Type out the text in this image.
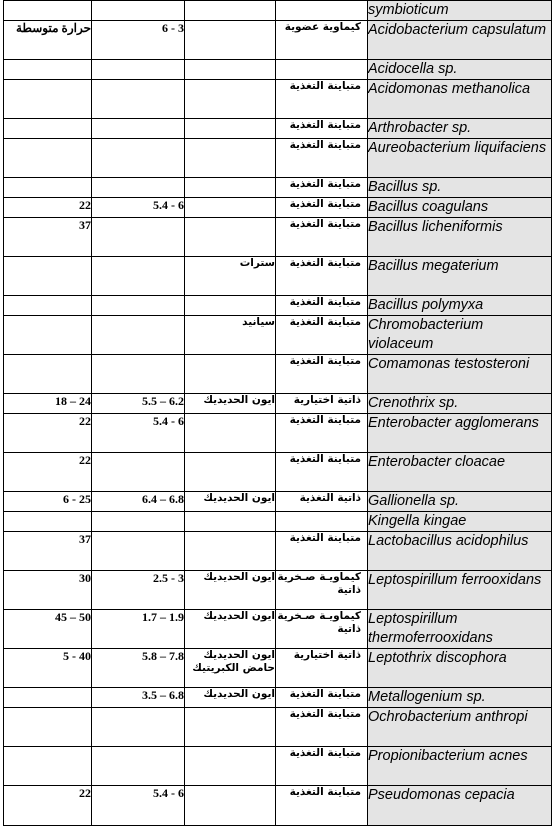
				symbioticum
حرارة متوسطة	3 - 6		كيماوية عضوية	Acidobacterium capsulatum
				Acidocella sp.
			متباينة التغذية	Acidomonas methanolica
			متباينة التغذية	Arthrobacter sp.
			متباينة التغذية	Aureobacterium liquifaciens
			متباينة التغذية	Bacillus sp.
22	6 - 5.4		متباينة التغذية	Bacillus coagulans
37			متباينة التغذية	Bacillus licheniformis
		سترات	متباينة التغذية	Bacillus megaterium
			متباينة التغذية	Bacillus polymyxa
		سيانيد	متباينة التغذية	Chromobacterium violaceum
			متباينة التغذية	Comamonas testosteroni
24 – 18	6.2 – 5.5	ايون الحديديك	ذاتية اختيارية	Crenothrix sp.
22	6 - 5.4		متباينة التغذية	Enterobacter agglomerans
22			متباينة التغذية	Enterobacter cloacae
25 - 6	6.8 – 6.4	ايون الحديديك	ذاتية التغذية	Gallionella sp.
				Kingella kingae
37			متباينة التغذية	Lactobacillus acidophilus
30	3 - 2.5	ايون الحديديك	كيماويـة صـخرية ذاتية	Leptospirillum ferrooxidans
50 – 45	1.9 – 1.7	ايون الحديديك	كيماويـة صـخرية ذاتية	Leptospirillum thermoferrooxidans
40 - 5	7.8 – 5.8	ايون الحديديك حامض الكبريتيك	ذاتية اختيارية	Leptothrix discophora
	6.8 – 3.5	ايون الحديديك	متباينة التغذية	Metallogenium sp.
			متباينة التغذية	Ochrobacterium anthropi
			متباينة التغذية	Propionibacterium acnes
22	6 - 5.4		متباينة التغذية	Pseudomonas cepacia
